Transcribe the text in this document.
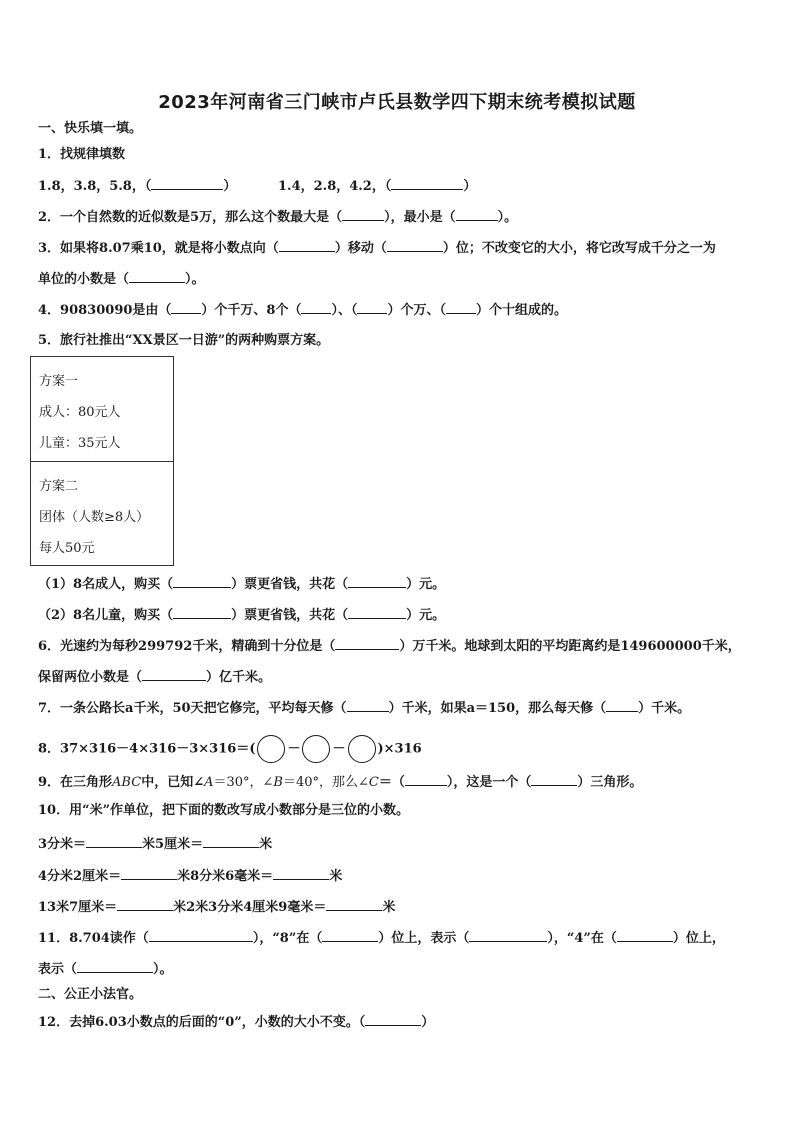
2023年河南省三门峡市卢氏县数学四下期末统考模拟试题
一、快乐填一填。
1．找规律填数
1.8，3.8，5.8，（	）	1.4，2.8，4.2，（	）
2．一个自然数的近似数是5万，那么这个数最大是（	），最小是（	）。
3．如果将8.07乘10，就是将小数点向（	）移动（	）位；不改变它的大小，将它改写成千分之一为
单位的小数是（	）。
4．90830090是由（ ）个千万、8个（ ）、（ ）个万、（ ）个十组成的。
5．旅行社推出“XX景区一日游”的两种购票方案。
方案一
成人：80元人
儿童：35元人
方案二
团体（人数≥8人）
每人50元
（1）8名成人，购买（	）票更省钱，共花（	）元。
（2）8名儿童，购买（	）票更省钱，共花（	）元。
6．光速约为每秒299792千米，精确到十分位是（	）万千米。地球到太阳的平均距离约是149600000千米，
保留两位小数是（	）亿千米。
7．一条公路长a千米，50天把它修完，平均每天修（	）千米，如果a＝150，那么每天修（ ）千米。
8．37×316－4×316－3×316＝( － － )×316
9．在三角形ABC中，已知∠A＝30°，∠B＝40°，那么∠C＝（	），这是一个（	）三角形。
10．用“米”作单位，把下面的数改写成小数部分是三位的小数。
3分米＝	米5厘米＝	米
4分米2厘米＝	米8分米6毫米＝	米
13米7厘米＝	米2米3分米4厘米9毫米＝	米
11．8.704读作（	），“8”在（	）位上，表示（	），“4”在（	）位上，
表示（	）。
二、公正小法官。
12．去掉6.03小数点的后面的“0”，小数的大小不变。（	）
